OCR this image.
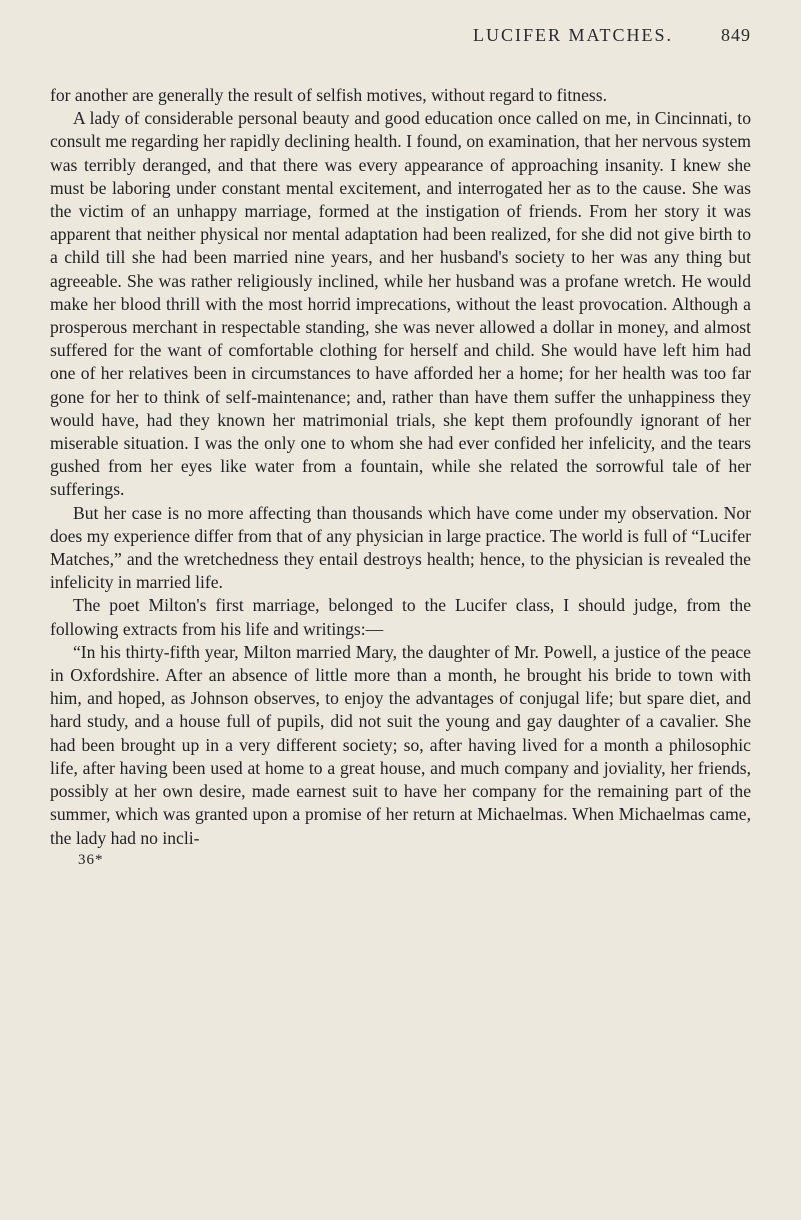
LUCIFER MATCHES.	849

for another are generally the result of selfish motives, without regard to fitness.

A lady of considerable personal beauty and good education once called on me, in Cincinnati, to consult me regarding her rapidly declining health. I found, on examination, that her nervous system was terribly deranged, and that there was every appearance of approaching insanity. I knew she must be laboring under constant mental excitement, and interrogated her as to the cause. She was the victim of an unhappy marriage, formed at the instigation of friends. From her story it was apparent that neither physical nor mental adaptation had been realized, for she did not give birth to a child till she had been married nine years, and her husband's society to her was any thing but agreeable. She was rather religiously inclined, while her husband was a profane wretch. He would make her blood thrill with the most horrid imprecations, without the least provocation. Although a prosperous merchant in respectable standing, she was never allowed a dollar in money, and almost suffered for the want of comfortable clothing for herself and child. She would have left him had one of her relatives been in circumstances to have afforded her a home; for her health was too far gone for her to think of self-maintenance; and, rather than have them suffer the unhappiness they would have, had they known her matrimonial trials, she kept them profoundly ignorant of her miserable situation. I was the only one to whom she had ever confided her infelicity, and the tears gushed from her eyes like water from a fountain, while she related the sorrowful tale of her sufferings.

But her case is no more affecting than thousands which have come under my observation. Nor does my experience differ from that of any physician in large practice. The world is full of “Lucifer Matches,” and the wretchedness they entail destroys health; hence, to the physician is revealed the infelicity in married life.

The poet Milton's first marriage, belonged to the Lucifer class, I should judge, from the following extracts from his life and writings:—

“In his thirty-fifth year, Milton married Mary, the daughter of Mr. Powell, a justice of the peace in Oxfordshire. After an absence of little more than a month, he brought his bride to town with him, and hoped, as Johnson observes, to enjoy the advantages of conjugal life; but spare diet, and hard study, and a house full of pupils, did not suit the young and gay daughter of a cavalier. She had been brought up in a very different society; so, after having lived for a month a philosophic life, after having been used at home to a great house, and much company and joviality, her friends, possibly at her own desire, made earnest suit to have her company for the remaining part of the summer, which was granted upon a promise of her return at Michaelmas. When Michaelmas came, the lady had no incli-

36*
